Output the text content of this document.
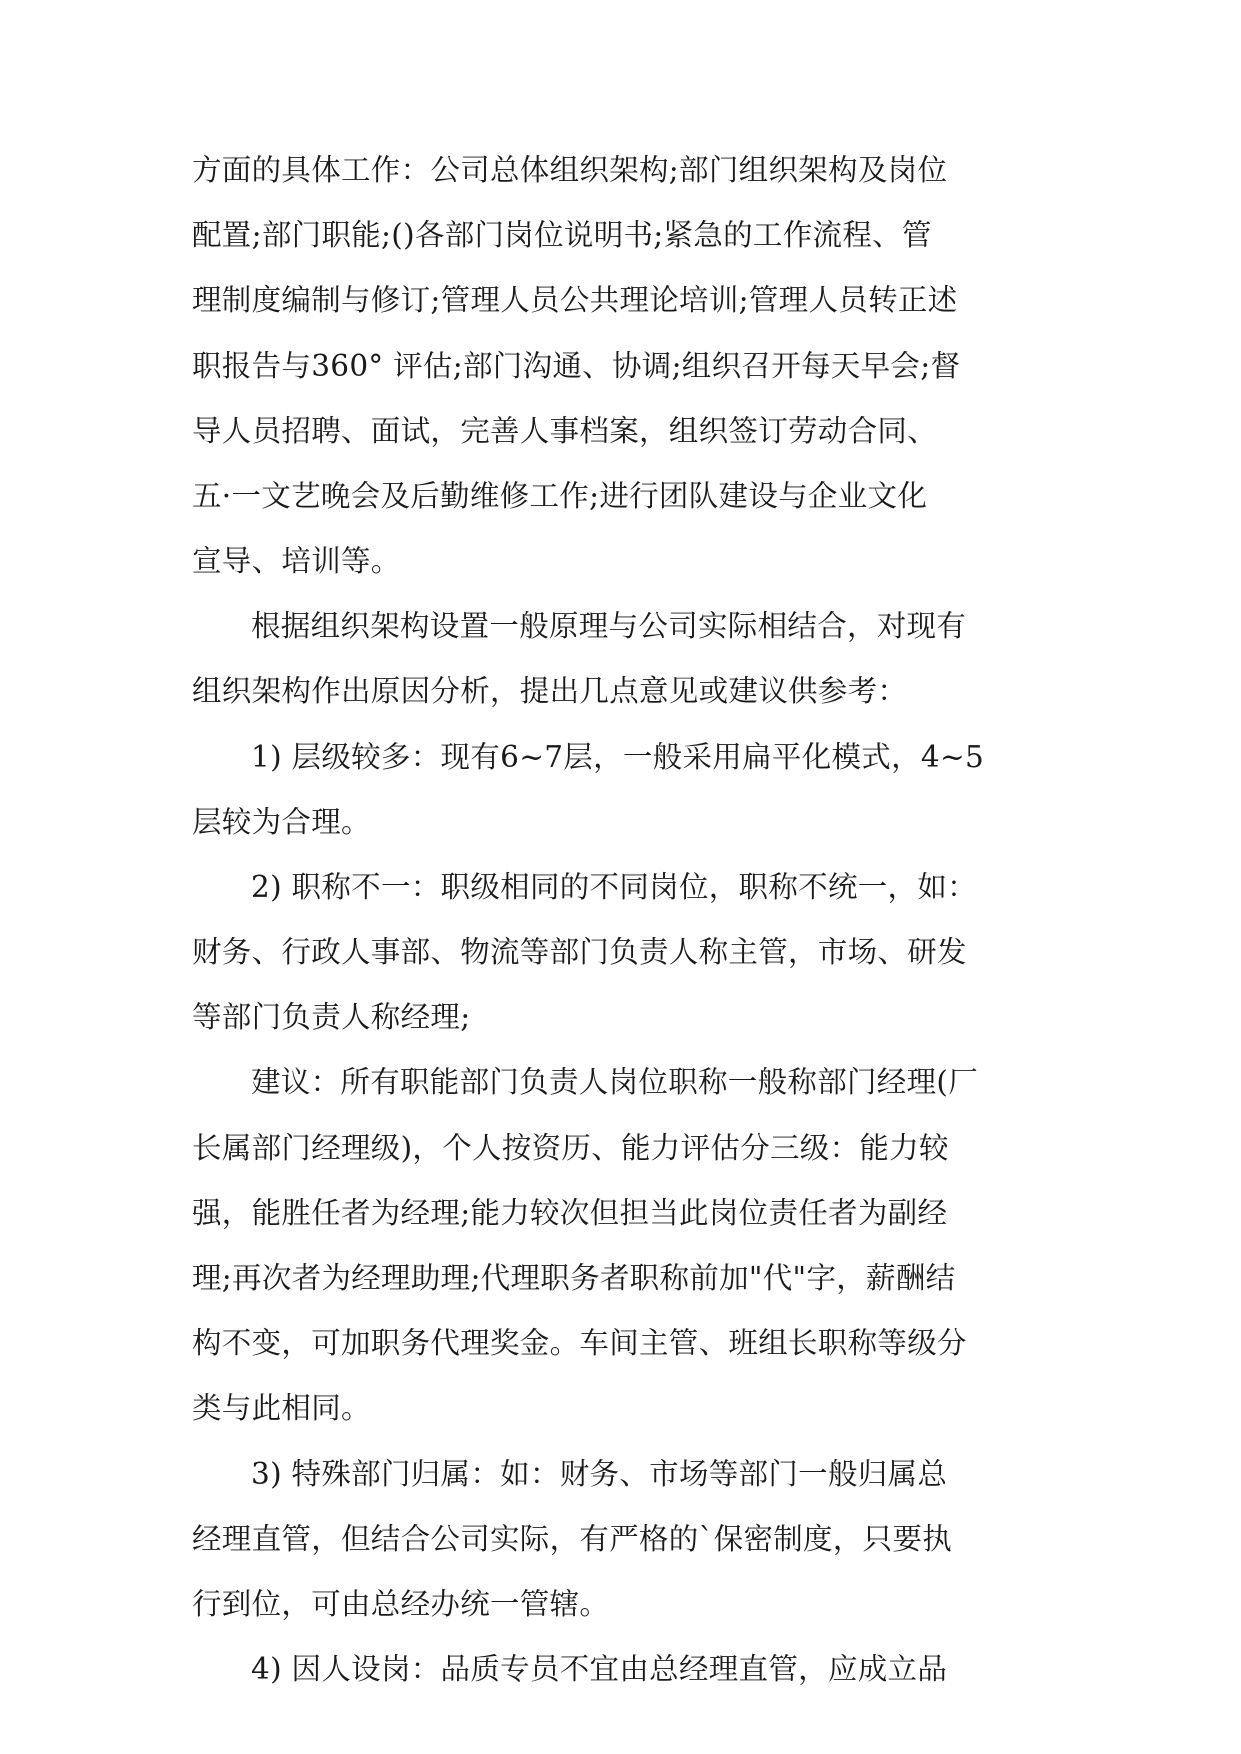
方面的具体工作：公司总体组织架构;部门组织架构及岗位
配置;部门职能;()各部门岗位说明书;紧急的工作流程、管
理制度编制与修订;管理人员公共理论培训;管理人员转正述
职报告与360° 评估;部门沟通、协调;组织召开每天早会;督
导人员招聘、面试，完善人事档案，组织签订劳动合同、
五·一文艺晚会及后勤维修工作;进行团队建设与企业文化
宣导、培训等。
根据组织架构设置一般原理与公司实际相结合，对现有
组织架构作出原因分析，提出几点意见或建议供参考：
1) 层级较多：现有6~7层，一般采用扁平化模式，4~5
层较为合理。
2) 职称不一：职级相同的不同岗位，职称不统一，如：
财务、行政人事部、物流等部门负责人称主管，市场、研发
等部门负责人称经理;
建议：所有职能部门负责人岗位职称一般称部门经理(厂
长属部门经理级)，个人按资历、能力评估分三级：能力较
强，能胜任者为经理;能力较次但担当此岗位责任者为副经
理;再次者为经理助理;代理职务者职称前加"代"字，薪酬结
构不变，可加职务代理奖金。车间主管、班组长职称等级分
类与此相同。
3) 特殊部门归属：如：财务、市场等部门一般归属总
经理直管，但结合公司实际，有严格的`保密制度，只要执
行到位，可由总经办统一管辖。
4) 因人设岗：品质专员不宜由总经理直管，应成立品
